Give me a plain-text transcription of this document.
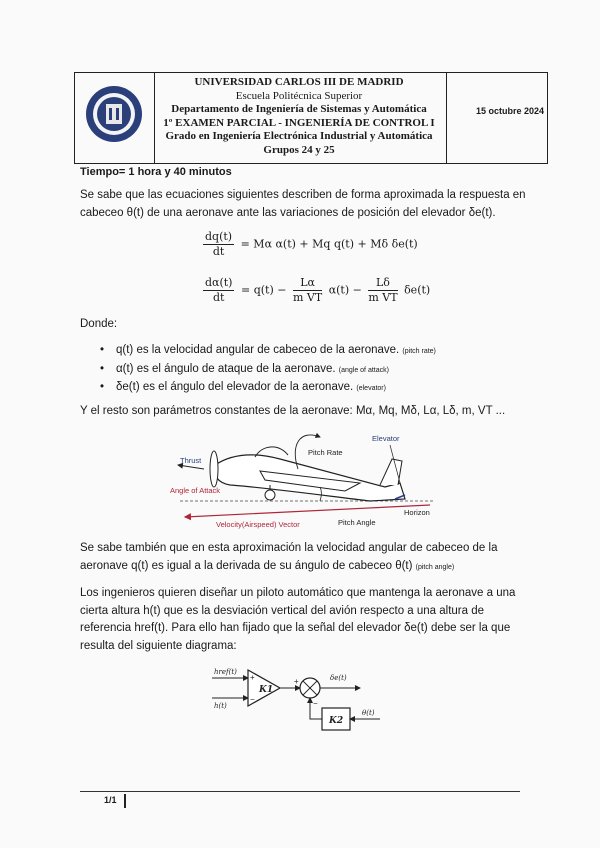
UNIVERSIDAD CARLOS III DE MADRID
Escuela Politécnica Superior
Departamento de Ingeniería de Sistemas y Automática
1º EXAMEN PARCIAL - INGENIERÍA DE CONTROL I
Grado en Ingeniería Electrónica Industrial y Automática
Grupos 24 y 25
15 octubre 2024
Tiempo= 1 hora y 40 minutos
Se sabe que las ecuaciones siguientes describen de forma aproximada la respuesta en cabeceo θ(t) de una aeronave ante las variaciones de posición del elevador δe(t).
$\frac{dq(t)}{dt} = M\alpha$ α(t) + Mq q(t) + Mδ δe(t)
$\frac{d\alpha(t)}{dt} = q(t) - \frac{L\alpha}{\text{m VT}} \alpha(t) - \frac{L\delta}{\text{m VT}} \delta e(t)$
Donde:
• q(t) es la velocidad angular de cabeceo de la aeronave. (pitch rate)
• α(t) es el ángulo de ataque de la aeronave. (angle of attack)
• δe(t) es el ángulo del elevador de la aeronave. (elevator)
Y el resto son parámetros constantes de la aeronave: Mα, Mq, Mδ, Lα, Lδ, m, VT ...
Thrust
Pitch Rate
Elevator
Angle of Attack
Horizon
Velocity(Airspeed) Vector	Pitch Angle
Se sabe también que en esta aproximación la velocidad angular de cabeceo de la aeronave q(t) es igual a la derivada de su ángulo de cabeceo θ(t) (pitch angle)
Los ingenieros quieren diseñar un piloto automático que mantenga la aeronave a una cierta altura h(t) que es la desviación vertical del avión respecto a una altura de referencia href(t). Para ello han fijado que la señal del elevador δe(t) debe ser la que resulta del siguiente diagrama:
href(t)
h(t)
+
−
K1
+
−
δe(t)
K2
θ(t)
1/1
